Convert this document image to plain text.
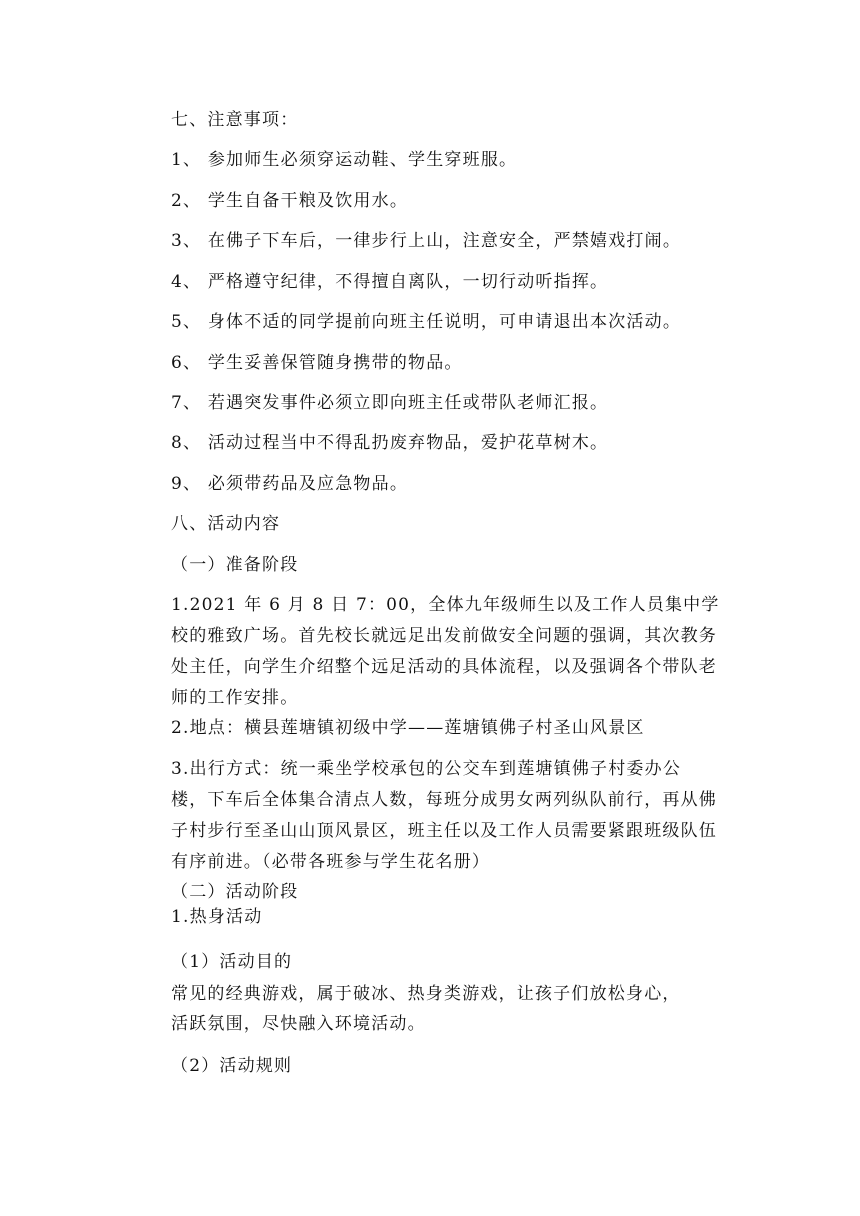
七、注意事项：
1、 参加师生必须穿运动鞋、学生穿班服。
2、 学生自备干粮及饮用水。
3、 在佛子下车后，一律步行上山，注意安全，严禁嬉戏打闹。
4、 严格遵守纪律，不得擅自离队，一切行动听指挥。
5、 身体不适的同学提前向班主任说明，可申请退出本次活动。
6、 学生妥善保管随身携带的物品。
7、 若遇突发事件必须立即向班主任或带队老师汇报。
8、 活动过程当中不得乱扔废弃物品，爱护花草树木。
9、 必须带药品及应急物品。
八、活动内容
（一）准备阶段
1.2021 年 6 月 8 日 7：00，全体九年级师生以及工作人员集中学
校的雅致广场。首先校长就远足出发前做安全问题的强调，其次教务
处主任，向学生介绍整个远足活动的具体流程，以及强调各个带队老
师的工作安排。
2.地点：横县莲塘镇初级中学——莲塘镇佛子村圣山风景区
3.出行方式：统一乘坐学校承包的公交车到莲塘镇佛子村委办公
楼，下车后全体集合清点人数，每班分成男女两列纵队前行，再从佛
子村步行至圣山山顶风景区，班主任以及工作人员需要紧跟班级队伍
有序前进。（必带各班参与学生花名册）
（二）活动阶段
1.热身活动
（1）活动目的
常见的经典游戏，属于破冰、热身类游戏，让孩子们放松身心，
活跃氛围，尽快融入环境活动。
（2）活动规则
